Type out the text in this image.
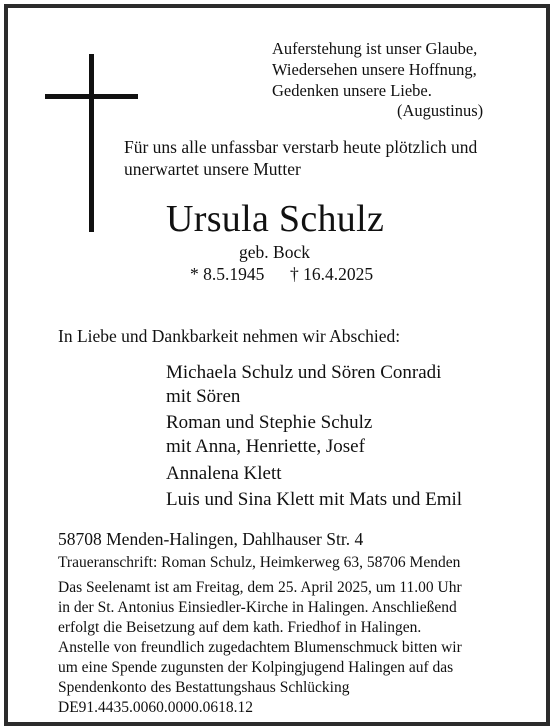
Auferstehung ist unser Glaube,
Wiedersehen unsere Hoffnung,
Gedenken unsere Liebe.
(Augustinus)
Für uns alle unfassbar verstarb heute plötzlich und
unerwartet unsere Mutter
Ursula Schulz
geb. Bock
* 8.5.1945 † 16.4.2025
In Liebe und Dankbarkeit nehmen wir Abschied:
Michaela Schulz und Sören Conradi
mit Sören
Roman und Stephie Schulz
mit Anna, Henriette, Josef
Annalena Klett
Luis und Sina Klett mit Mats und Emil
58708 Menden-Halingen, Dahlhauser Str. 4
Traueranschrift: Roman Schulz, Heimkerweg 63, 58706 Menden
Das Seelenamt ist am Freitag, dem 25. April 2025, um 11.00 Uhr
in der St. Antonius Einsiedler-Kirche in Halingen. Anschließend
erfolgt die Beisetzung auf dem kath. Friedhof in Halingen.
Anstelle von freundlich zugedachtem Blumenschmuck bitten wir
um eine Spende zugunsten der Kolpingjugend Halingen auf das
Spendenkonto des Bestattungshaus Schlücking
DE91.4435.0060.0000.0618.12
